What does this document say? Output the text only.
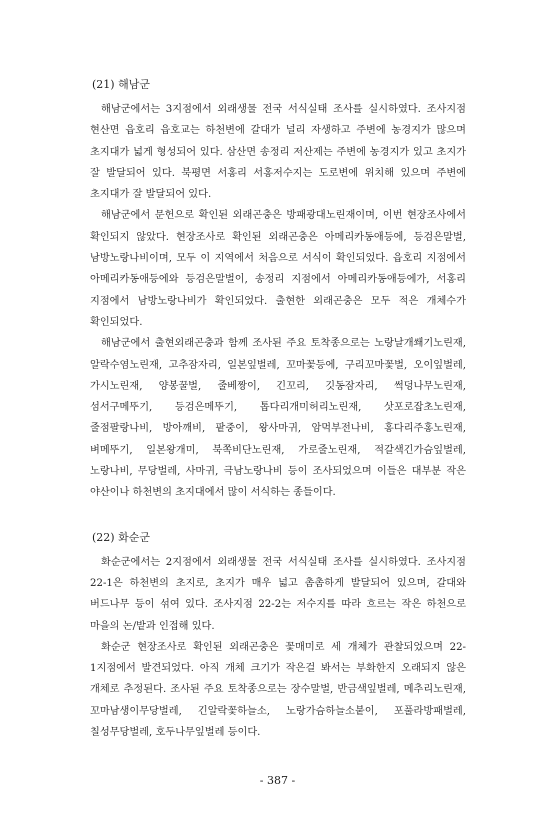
(21) 해남군

해남군에서는 3지점에서 외래생물 전국 서식실태 조사를 실시하였다. 조사지점 현산면 읍호리 읍호교는 하천변에 갈대가 널리 자생하고 주변에 농경지가 많으며 초지대가 넓게 형성되어 있다. 삼산면 송정리 저산제는 주변에 농경지가 있고 초지가 잘 발달되어 있다. 북평면 서홍리 서홍저수지는 도로변에 위치해 있으며 주변에 초지대가 잘 발달되어 있다.

해남군에서 문헌으로 확인된 외래곤충은 방패광대노린재이며, 이번 현장조사에서 확인되지 않았다. 현장조사로 확인된 외래곤충은 아메리카동애등에, 등검은말벌, 남방노랑나비이며, 모두 이 지역에서 처음으로 서식이 확인되었다. 읍호리 지점에서 아메리카동애등에와 등검은말벌이, 송정리 지점에서 아메리카동애등에가, 서홍리 지점에서 남방노랑나비가 확인되었다. 출현한 외래곤충은 모두 적은 개체수가 확인되었다.

해남군에서 출현외래곤충과 함께 조사된 주요 토착종으로는 노랑날개쐐기노린재, 알락수염노린재, 고추잠자리, 일본잎벌레, 꼬마꽃등에, 구리꼬마꽃벌, 오이잎벌레, 가시노린재, 양봉꿀벌, 줄베짱이, 긴꼬리, 깃동잠자리, 썩덩나무노린재, 섬서구메뚜기, 등검은메뚜기, 톱다리개미허리노린재, 삿포로잡초노린재, 줄점팔랑나비, 방아깨비, 팥중이, 왕사마귀, 암먹부전나비, 홍다리주홍노린재, 벼메뚜기, 일본왕개미, 북쪽비단노린재, 가로줄노린재, 적갈색긴가슴잎벌레, 노랑나비, 무당벌레, 사마귀, 극남노랑나비 등이 조사되었으며 이들은 대부분 작은 야산이나 하천변의 초지대에서 많이 서식하는 종들이다.

(22) 화순군

화순군에서는 2지점에서 외래생물 전국 서식실태 조사를 실시하였다. 조사지점 22-1은 하천변의 초지로, 초지가 매우 넓고 촘촘하게 발달되어 있으며, 갈대와 버드나무 등이 섞여 있다. 조사지점 22-2는 저수지를 따라 흐르는 작은 하천으로 마을의 논/밭과 인접해 있다.

화순군 현장조사로 확인된 외래곤충은 꽃매미로 세 개체가 관찰되었으며 22-1지점에서 발견되었다. 아직 개체 크기가 작은걸 봐서는 부화한지 오래되지 않은 개체로 추정된다. 조사된 주요 토착종으로는 장수말벌, 반금색잎벌레, 메추리노린재, 꼬마남생이무당벌레, 긴알락꽃하늘소, 노랑가슴하늘소붙이, 포풀라방패벌레, 칠성무당벌레, 호두나무잎벌레 등이다.

- 387 -
